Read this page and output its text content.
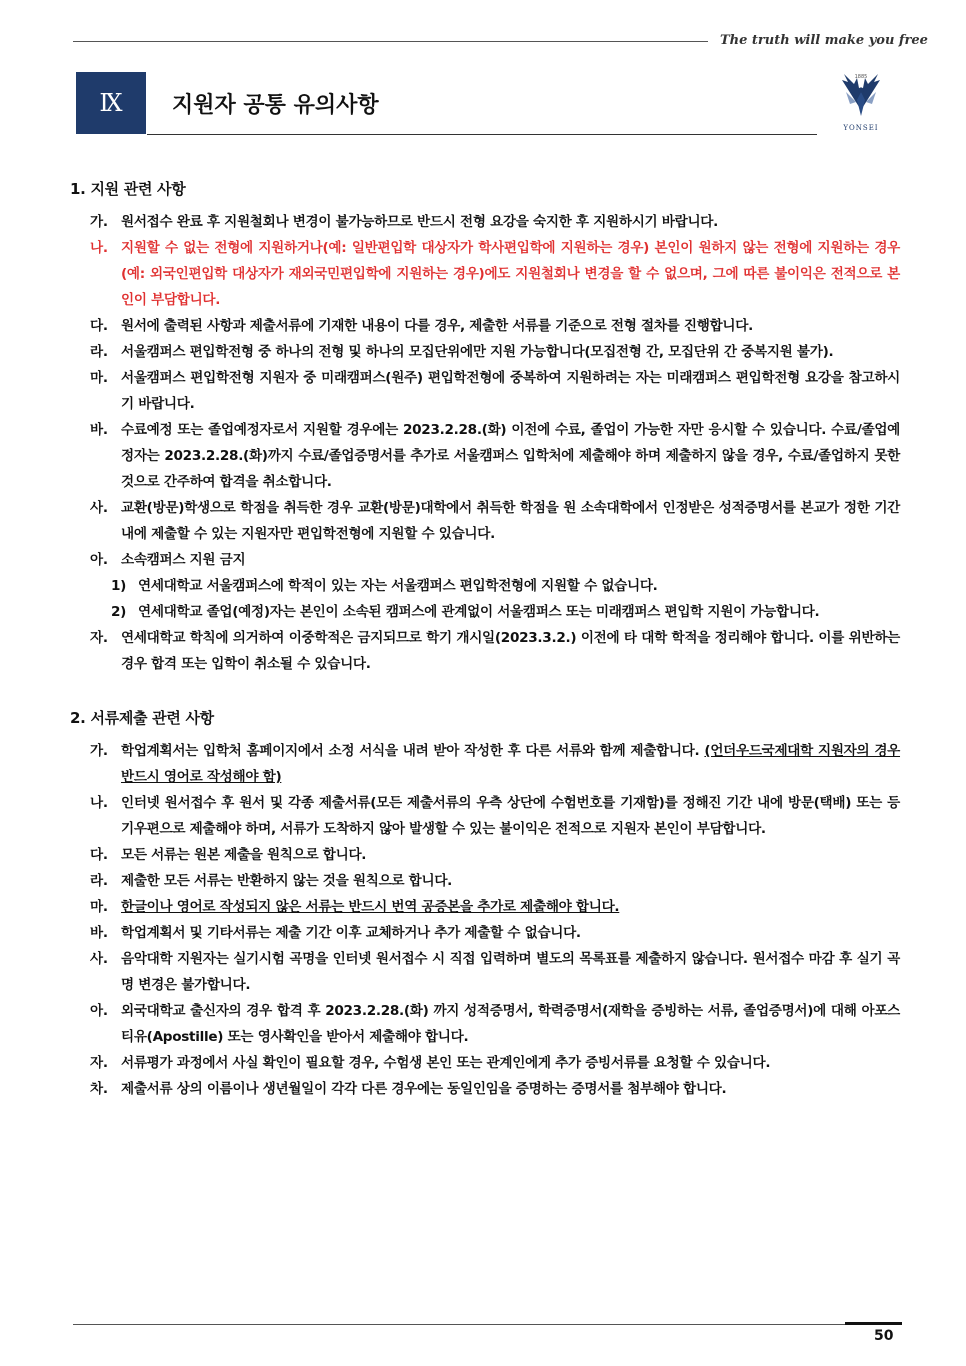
The truth will make you free
Ⅸ	지원자 공통 유의사항
1885
YONSEI
1. 지원 관련 사항
가. 원서접수 완료 후 지원철회나 변경이 불가능하므로 반드시 전형 요강을 숙지한 후 지원하시기 바랍니다.
나. 지원할 수 없는 전형에 지원하거나(예: 일반편입학 대상자가 학사편입학에 지원하는 경우) 본인이 원하지 않는 전형에 지원하는 경우(예: 외국인편입학 대상자가 재외국민편입학에 지원하는 경우)에도 지원철회나 변경을 할 수 없으며, 그에 따른 불이익은 전적으로 본인이 부담합니다.
다. 원서에 출력된 사항과 제출서류에 기재한 내용이 다를 경우, 제출한 서류를 기준으로 전형 절차를 진행합니다.
라. 서울캠퍼스 편입학전형 중 하나의 전형 및 하나의 모집단위에만 지원 가능합니다(모집전형 간, 모집단위 간 중복지원 불가).
마. 서울캠퍼스 편입학전형 지원자 중 미래캠퍼스(원주) 편입학전형에 중복하여 지원하려는 자는 미래캠퍼스 편입학전형 요강을 참고하시기 바랍니다.
바. 수료예정 또는 졸업예정자로서 지원할 경우에는 2023.2.28.(화) 이전에 수료, 졸업이 가능한 자만 응시할 수 있습니다. 수료/졸업예정자는 2023.2.28.(화)까지 수료/졸업증명서를 추가로 서울캠퍼스 입학처에 제출해야 하며 제출하지 않을 경우, 수료/졸업하지 못한 것으로 간주하여 합격을 취소합니다.
사. 교환(방문)학생으로 학점을 취득한 경우 교환(방문)대학에서 취득한 학점을 원 소속대학에서 인정받은 성적증명서를 본교가 정한 기간 내에 제출할 수 있는 지원자만 편입학전형에 지원할 수 있습니다.
아. 소속캠퍼스 지원 금지
1) 연세대학교 서울캠퍼스에 학적이 있는 자는 서울캠퍼스 편입학전형에 지원할 수 없습니다.
2) 연세대학교 졸업(예정)자는 본인이 소속된 캠퍼스에 관계없이 서울캠퍼스 또는 미래캠퍼스 편입학 지원이 가능합니다.
자. 연세대학교 학칙에 의거하여 이중학적은 금지되므로 학기 개시일(2023.3.2.) 이전에 타 대학 학적을 정리해야 합니다. 이를 위반하는 경우 합격 또는 입학이 취소될 수 있습니다.
2. 서류제출 관련 사항
가. 학업계획서는 입학처 홈페이지에서 소정 서식을 내려 받아 작성한 후 다른 서류와 함께 제출합니다. (언더우드국제대학 지원자의 경우 반드시 영어로 작성해야 함)
나. 인터넷 원서접수 후 원서 및 각종 제출서류(모든 제출서류의 우측 상단에 수험번호를 기재함)를 정해진 기간 내에 방문(택배) 또는 등기우편으로 제출해야 하며, 서류가 도착하지 않아 발생할 수 있는 불이익은 전적으로 지원자 본인이 부담합니다.
다. 모든 서류는 원본 제출을 원칙으로 합니다.
라. 제출한 모든 서류는 반환하지 않는 것을 원칙으로 합니다.
마. 한글이나 영어로 작성되지 않은 서류는 반드시 번역 공증본을 추가로 제출해야 합니다.
바. 학업계획서 및 기타서류는 제출 기간 이후 교체하거나 추가 제출할 수 없습니다.
사. 음악대학 지원자는 실기시험 곡명을 인터넷 원서접수 시 직접 입력하며 별도의 목록표를 제출하지 않습니다. 원서접수 마감 후 실기 곡명 변경은 불가합니다.
아. 외국대학교 출신자의 경우 합격 후 2023.2.28.(화) 까지 성적증명서, 학력증명서(재학을 증빙하는 서류, 졸업증명서)에 대해 아포스티유(Apostille) 또는 영사확인을 받아서 제출해야 합니다.
자. 서류평가 과정에서 사실 확인이 필요할 경우, 수험생 본인 또는 관계인에게 추가 증빙서류를 요청할 수 있습니다.
차. 제출서류 상의 이름이나 생년월일이 각각 다른 경우에는 동일인임을 증명하는 증명서를 첨부해야 합니다.
50
